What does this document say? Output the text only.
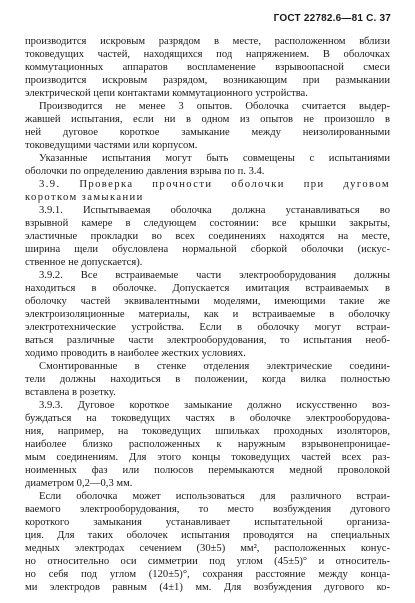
ГОСТ 22782.6—81 С. 37
производится искровым разрядом в месте, расположенном вблизи
токоведущих частей, находящихся под напряжением. В оболочках
коммутационных аппаратов воспламенение взрывоопасной смеси
производится искровым разрядом, возникающим при размыкании
электрической цепи контактами коммутационного устройства.
Производится не менее 3 опытов. Оболочка считается выдер-
жавшей испытания, если ни в одном из опытов не произошло в
ней дуговое короткое замыкание между неизолированными
токоведущими частями или корпусом.
Указанные испытания могут быть совмещены с испытаниями
оболочки по определению давления взрыва по п. 3.4.
3.9. Проверка прочности оболочки при дуговом
коротком замыкании
3.9.1. Испытываемая оболочка должна устанавливаться во
взрывной камере в следующем состоянии: все крышки закрыты,
эластичные прокладки во всех соединениях находятся на месте,
ширина щели обусловлена нормальной сборкой оболочки (искус-
ственное не допускается).
3.9.2. Все встраиваемые части электрооборудования должны
находиться в оболочке. Допускается имитация встраиваемых в
оболочку частей эквивалентными моделями, имеющими такие же
электроизоляционные материалы, как и встраиваемые в оболочку
электротехнические устройства. Если в оболочку могут встраи-
ваться различные части электрооборудования, то испытания необ-
ходимо проводить в наиболее жестких условиях.
Смонтированные в стенке отделения электрические соедини-
тели должны находиться в положении, когда вилка полностью
вставлена в розетку.
3.9.3. Дуговое короткое замыкание должно искусственно воз-
буждаться на токоведущих частях в оболочке электрооборудова-
ния, например, на токоведущих шпильках проходных изоляторов,
наиболее близко расположенных к наружным взрывонепроницае-
мым соединениям. Для этого концы токоведущих частей всех раз-
ноименных фаз или полюсов перемыкаются медной проволокой
диаметром 0,2—0,3 мм.
Если оболочка может использоваться для различного встраи-
ваемого электрооборудования, то место возбуждения дугового
короткого замыкания устанавливает испытательной организа-
ция. Для таких оболочек испытания проводятся на специальных
медных электродах сечением (30±5) мм², расположенных конус-
но относительно оси симметрии под углом (45±5)° и относитель-
но себя под углом (120±5)°, сохраняя расстояние между конца-
ми электродов равным (4±1) мм. Для возбуждения дугового ко-
